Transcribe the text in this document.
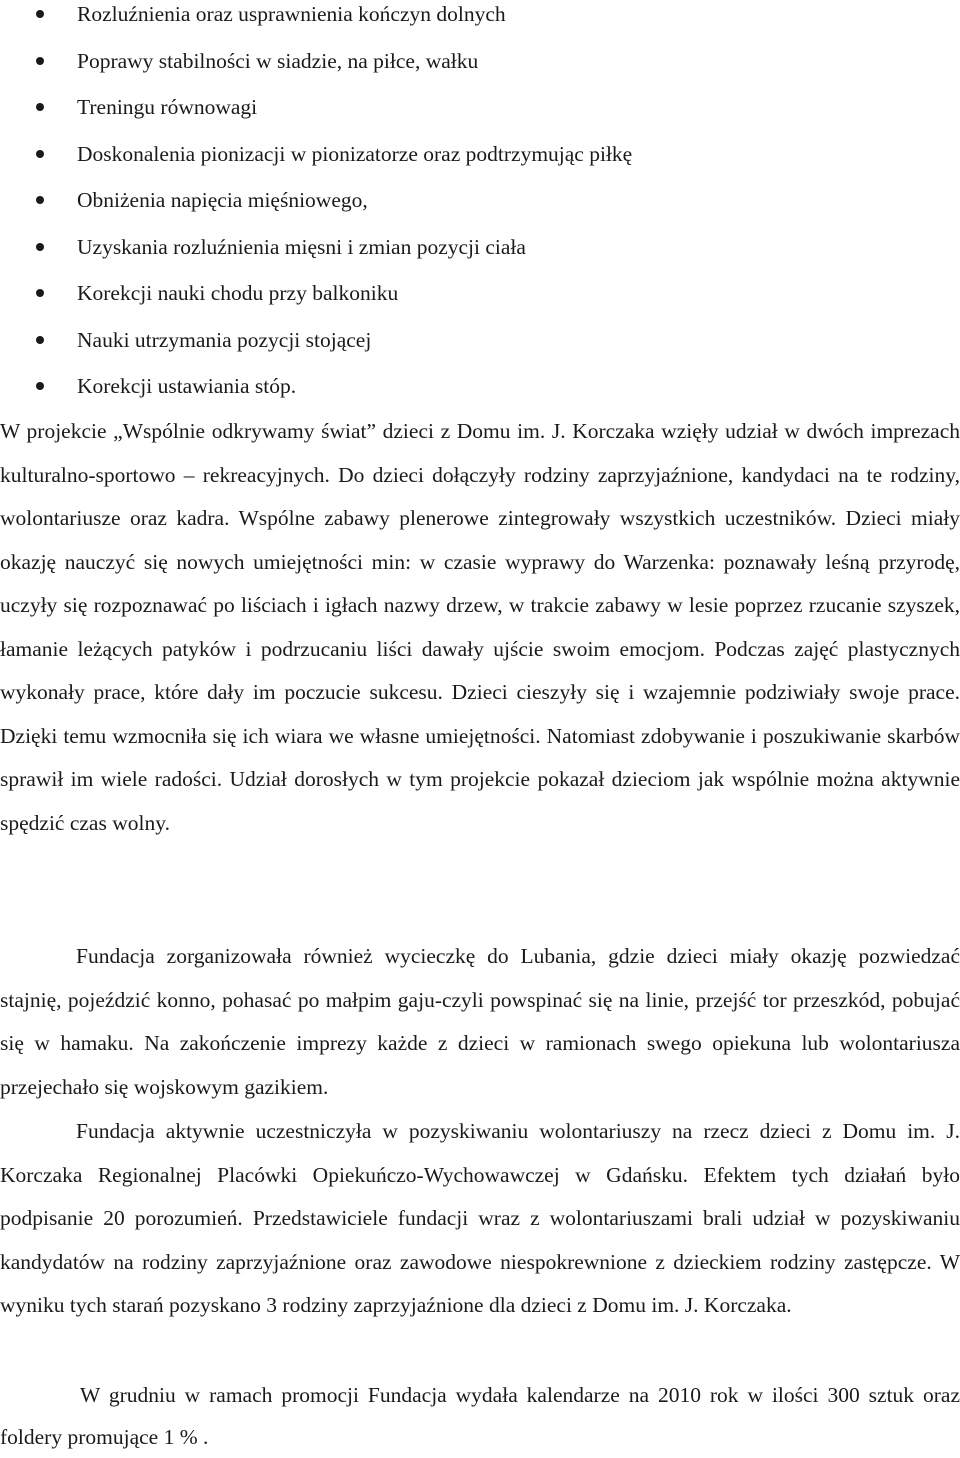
Rozluźnienia oraz usprawnienia kończyn dolnych
Poprawy stabilności w siadzie, na piłce, wałku
Treningu równowagi
Doskonalenia pionizacji w pionizatorze oraz podtrzymując piłkę
Obniżenia napięcia mięśniowego,
Uzyskania rozluźnienia mięsni i zmian pozycji ciała
Korekcji nauki chodu przy balkoniku
Nauki utrzymania pozycji stojącej
Korekcji ustawiania stóp.

W projekcie „Wspólnie odkrywamy świat” dzieci z Domu im. J. Korczaka wzięły udział w dwóch imprezach kulturalno-sportowo – rekreacyjnych. Do dzieci dołączyły rodziny zaprzyjaźnione, kandydaci na te rodziny, wolontariusze oraz kadra. Wspólne zabawy plenerowe zintegrowały wszystkich uczestników. Dzieci miały okazję nauczyć się nowych umiejętności min: w czasie wyprawy do Warzenka: poznawały leśną przyrodę, uczyły się rozpoznawać po liściach i igłach nazwy drzew, w trakcie zabawy w lesie poprzez rzucanie szyszek, łamanie leżących patyków i podrzucaniu liści dawały ujście swoim emocjom. Podczas zajęć plastycznych wykonały prace, które dały im poczucie sukcesu. Dzieci cieszyły się i wzajemnie podziwiały swoje prace. Dzięki temu wzmocniła się ich wiara we własne umiejętności. Natomiast zdobywanie i poszukiwanie skarbów sprawił im wiele radości. Udział dorosłych w tym projekcie pokazał dzieciom jak wspólnie można aktywnie spędzić czas wolny.

Fundacja zorganizowała również wycieczkę do Lubania, gdzie dzieci miały okazję pozwiedzać stajnię, pojeździć konno, pohasać po małpim gaju-czyli powspinać się na linie, przejść tor przeszkód, pobujać się w hamaku. Na zakończenie imprezy każde z dzieci w ramionach swego opiekuna lub wolontariusza przejechało się wojskowym gazikiem.

Fundacja aktywnie uczestniczyła w pozyskiwaniu wolontariuszy na rzecz dzieci z Domu im. J. Korczaka Regionalnej Placówki Opiekuńczo-Wychowawczej w Gdańsku. Efektem tych działań było podpisanie 20 porozumień. Przedstawiciele fundacji wraz z wolontariuszami brali udział w pozyskiwaniu kandydatów na rodziny zaprzyjaźnione oraz zawodowe niespokrewnione z dzieckiem rodziny zastępcze. W wyniku tych starań pozyskano 3 rodziny zaprzyjaźnione dla dzieci z Domu im. J. Korczaka.

W grudniu w ramach promocji Fundacja wydała kalendarze na 2010 rok w ilości 300 sztuk oraz foldery promujące 1 % .
